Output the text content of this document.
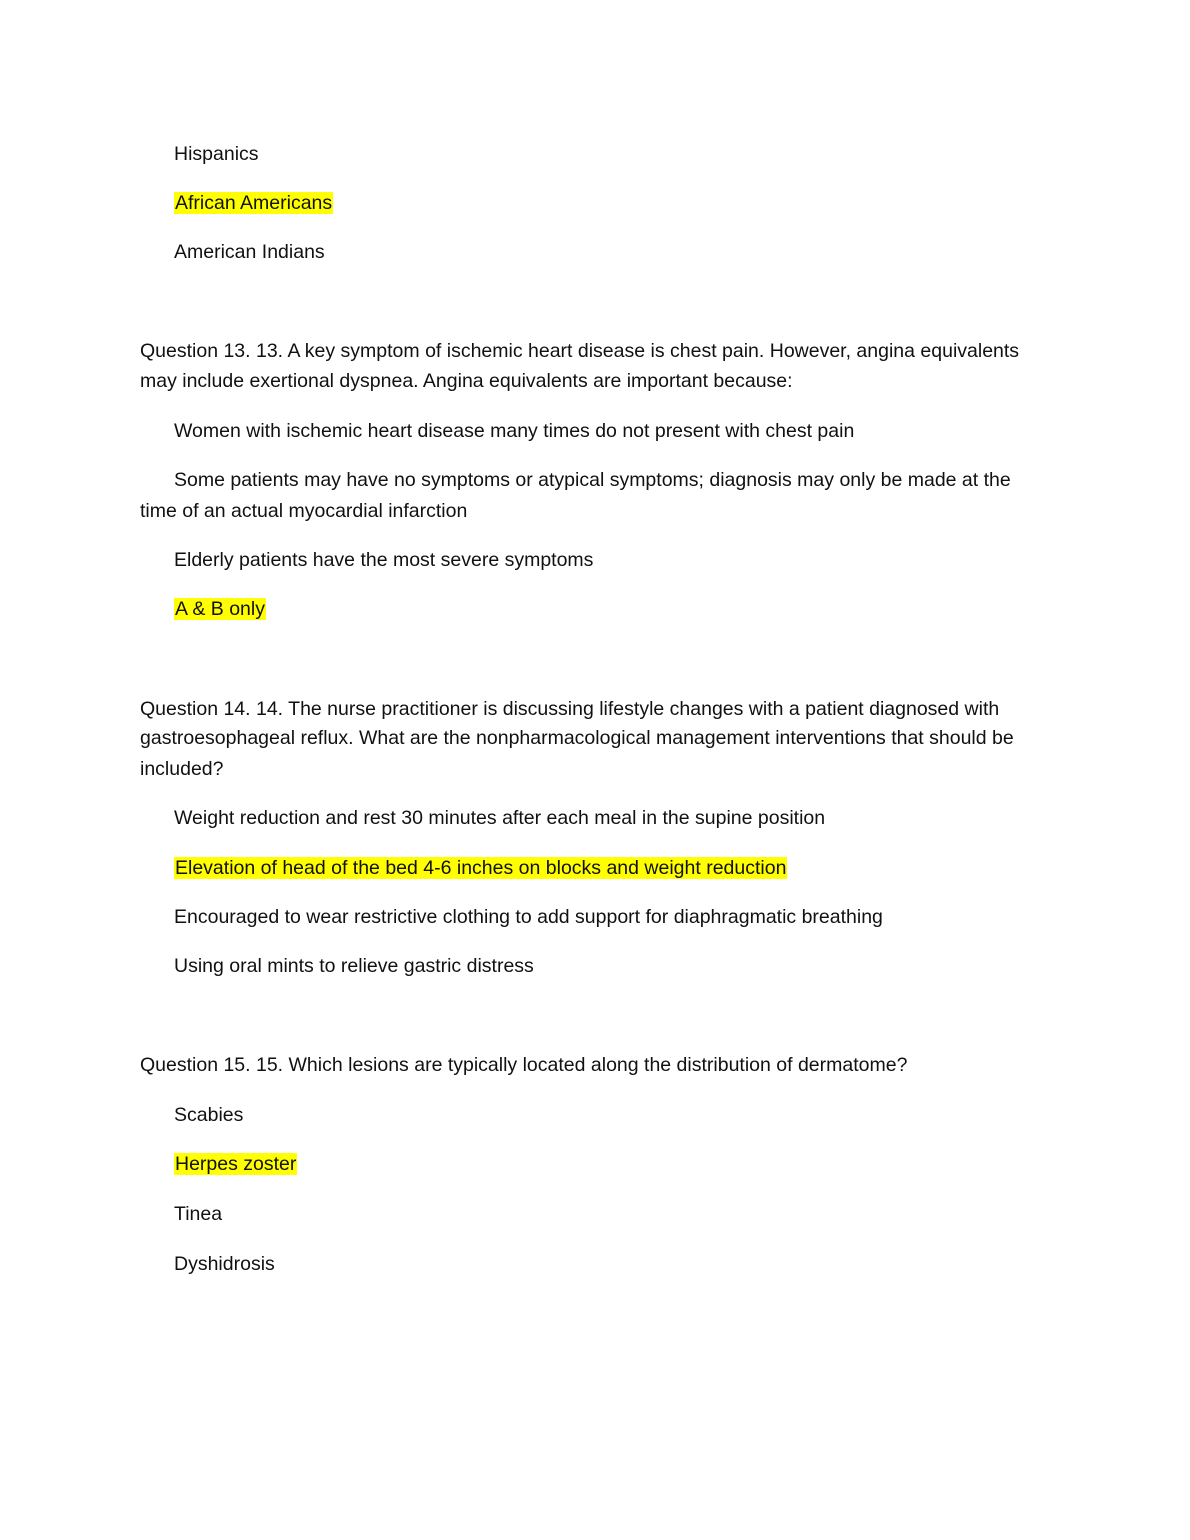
Hispanics
African Americans
American Indians
Question 13. 13. A key symptom of ischemic heart disease is chest pain. However, angina equivalents
may include exertional dyspnea. Angina equivalents are important because:
Women with ischemic heart disease many times do not present with chest pain
Some patients may have no symptoms or atypical symptoms; diagnosis may only be made at the
time of an actual myocardial infarction
Elderly patients have the most severe symptoms
A & B only
Question 14. 14. The nurse practitioner is discussing lifestyle changes with a patient diagnosed with
gastroesophageal reflux. What are the nonpharmacological management interventions that should be
included?
Weight reduction and rest 30 minutes after each meal in the supine position
Elevation of head of the bed 4-6 inches on blocks and weight reduction
Encouraged to wear restrictive clothing to add support for diaphragmatic breathing
Using oral mints to relieve gastric distress
Question 15. 15. Which lesions are typically located along the distribution of dermatome?
Scabies
Herpes zoster
Tinea
Dyshidrosis
